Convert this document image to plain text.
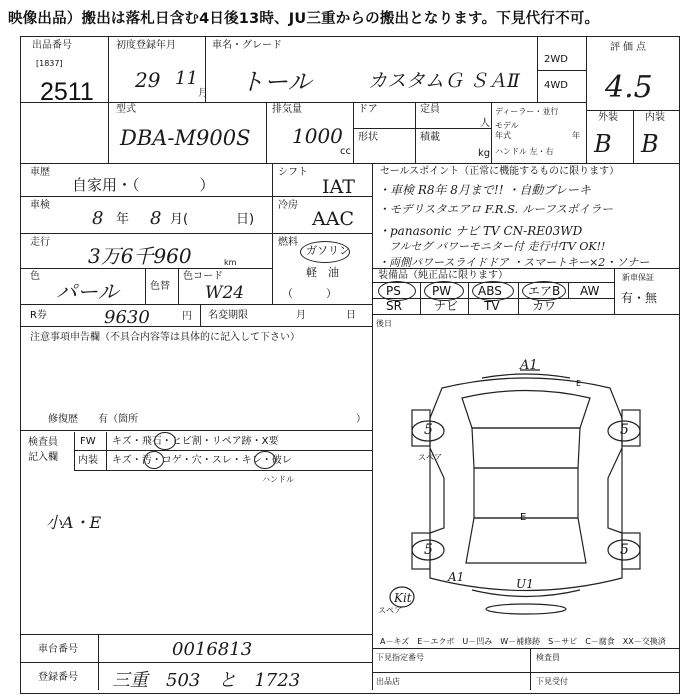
映像出品）搬出は落札日含む4日後13時、JU三重からの搬出となります。下見代行不可。
出品番号
[1837]
2511
初度登録年月
29 11
月
車名・グレード
トール	カスタムＧ ＳＡⅡ
2WD
4WD
評価点
4.5
外装	内装
B B
型式
DBA-M900S
排気量
1000
cc
ドア
形状
定員
人
積載
kg
ディーラー・並行
モデル
年式	年
ハンドル 左・右
車歴
自家用・（　　　　）
車検
8 年 8 月(	日)
走行
3万6千960	km
色
パール	色替
色コード
W24
シフト
IAT
冷房
AAC
燃料
ガソリン
軽　油
（　　　）
セールスポイント（正常に機能するものに限ります）
・車検 R8年 8月まで!! ・自動ブレーキ
・モデリスタエアロ F.R.S. ルーフスポイラー
・panasonic ナビ TV CN-RE03WD
　フルセグ パワーモニター付 走行中TV OK!!
・両側パワースライドドア ・スマートキー×2・ソナー
装備品（純正品に限ります）	新車保証
有・無
PS	PW ABS エアB AW
SR	ナビ TV	カワ
R券	9630	円 名変期限	月	日
後日
注意事項申告欄（不具合内容等は具体的に記入して下さい）
修復歴　　有（箇所	）
検査員
記入欄
FW キズ・飛石・ヒビ割・リペア跡・X要
内装 キズ・汚・コゲ・穴・スレ・キレ・破レ
ハンドル
小A・E
A1
E
5	5
スペア
E
5	5
A1	U1
Kit
スペア
A－キズ　E－エクボ　U－凹み　W－補修跡　S－サビ　C－腐食　XX－交換済
車台番号	0016813
登録番号 三重　503　と　1723
下見指定番号	検査員
出品店	下見受付
